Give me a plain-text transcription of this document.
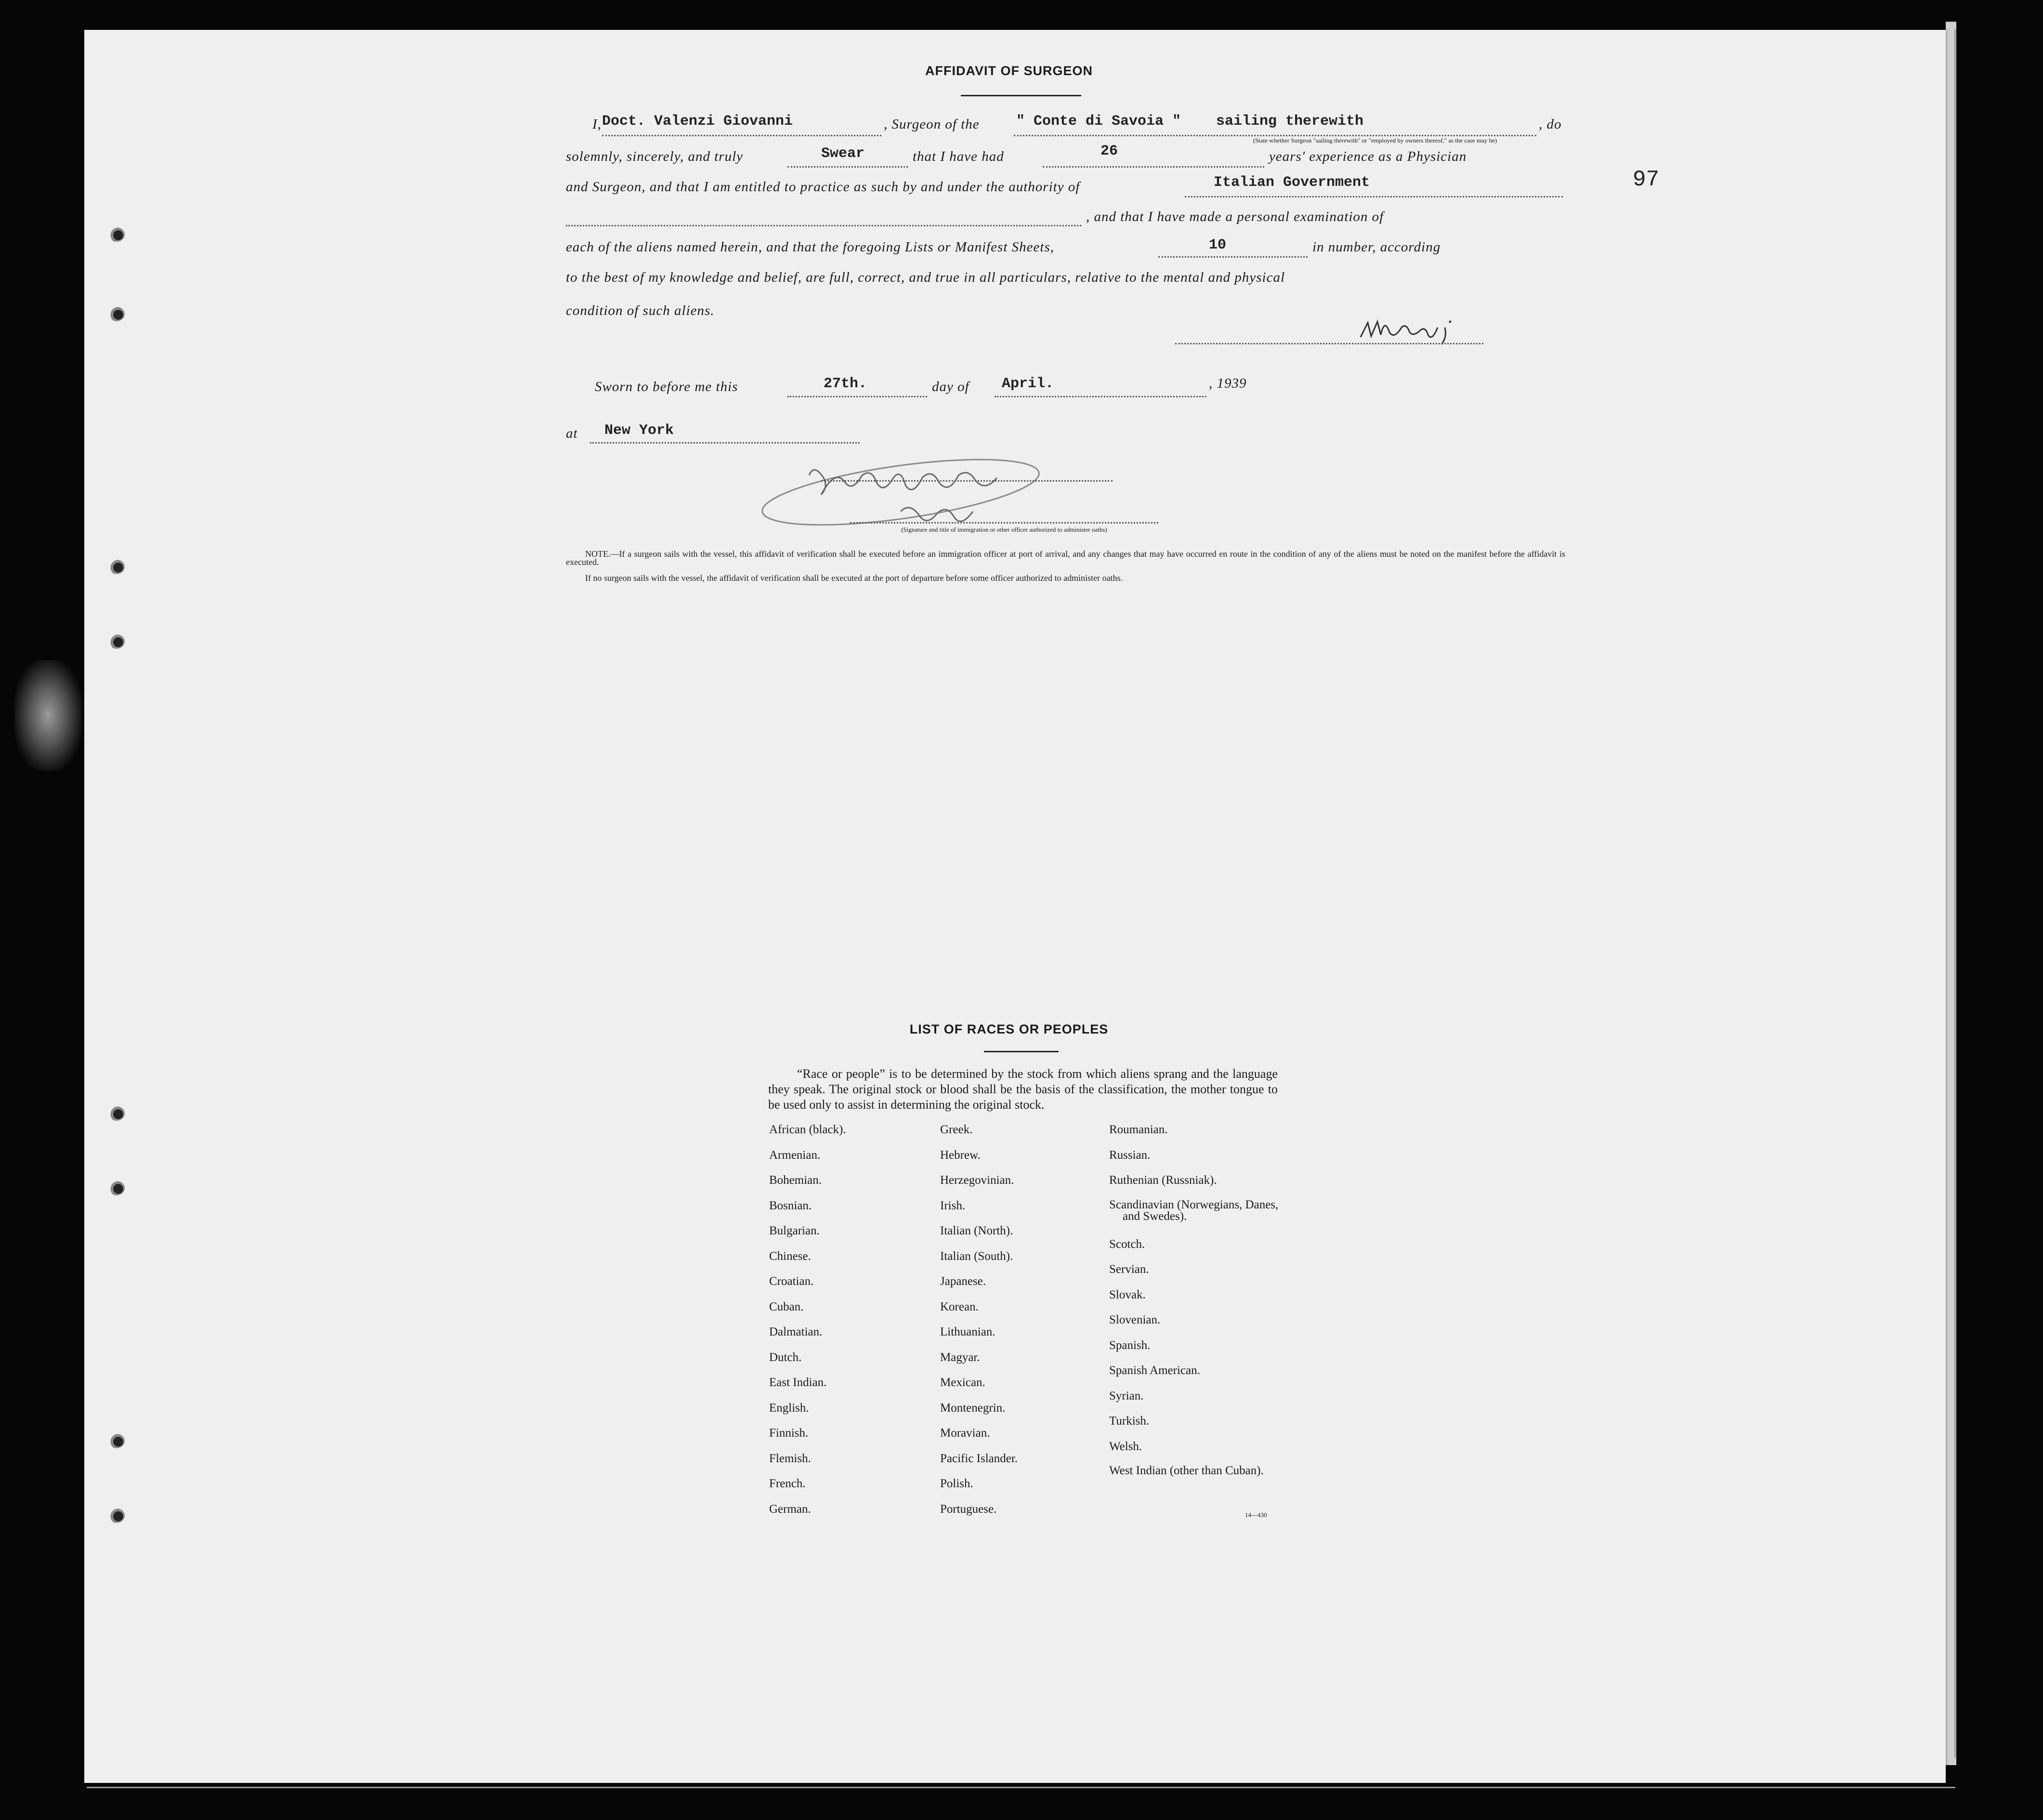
97
AFFIDAVIT OF SURGEON
I, Doct. Valenzi Giovanni	, Surgeon of the	" Conte di Savoia " sailing therewith
(State whether Surgeon "sailing therewith" or "employed by owners thereof," as the case may be)
, do
solemnly, sincerely, and truly	Swear	that I have had	26	years' experience as a Physician
and Surgeon, and that I am entitled to practice as such by and under the authority of	Italian Government
, and that I have made a personal examination of
each of the aliens named herein, and that the foregoing Lists or Manifest Sheets,	10	in number, according
to the best of my knowledge and belief, are full, correct, and true in all particulars, relative to the mental and physical
condition of such aliens.
Sworn to before me this	27th.	day of April.	, 1939
at New York
(Signature and title of immigration or other officer authorized to administer oaths)
NOTE.—If a surgeon sails with the vessel, this affidavit of verification shall be executed before an immigration officer at port of arrival, and any changes that may have occurred en route in the condition of any of the aliens must be noted on the manifest before the affidavit is executed.
If no surgeon sails with the vessel, the affidavit of verification shall be executed at the port of departure before some officer authorized to administer oaths.
LIST OF RACES OR PEOPLES
“Race or people” is to be determined by the stock from which aliens sprang and the language they speak. The original stock or blood shall be the basis of the classification, the mother tongue to be used only to assist in determining the original stock.
African (black).
Armenian.
Bohemian.
Bosnian.
Bulgarian.
Chinese.
Croatian.
Cuban.
Dalmatian.
Dutch.
East Indian.
English.
Finnish.
Flemish.
French.
German.
Greek.
Hebrew.
Herzegovinian.
Irish.
Italian (North).
Italian (South).
Japanese.
Korean.
Lithuanian.
Magyar.
Mexican.
Montenegrin.
Moravian.
Pacific Islander.
Polish.
Portuguese.
Roumanian.
Russian.
Ruthenian (Russniak).
Scandinavian (Norwegians, Danes, and Swedes).
Scotch.
Servian.
Slovak.
Slovenian.
Spanish.
Spanish American.
Syrian.
Turkish.
Welsh.
West Indian (other than Cuban).
14—430
